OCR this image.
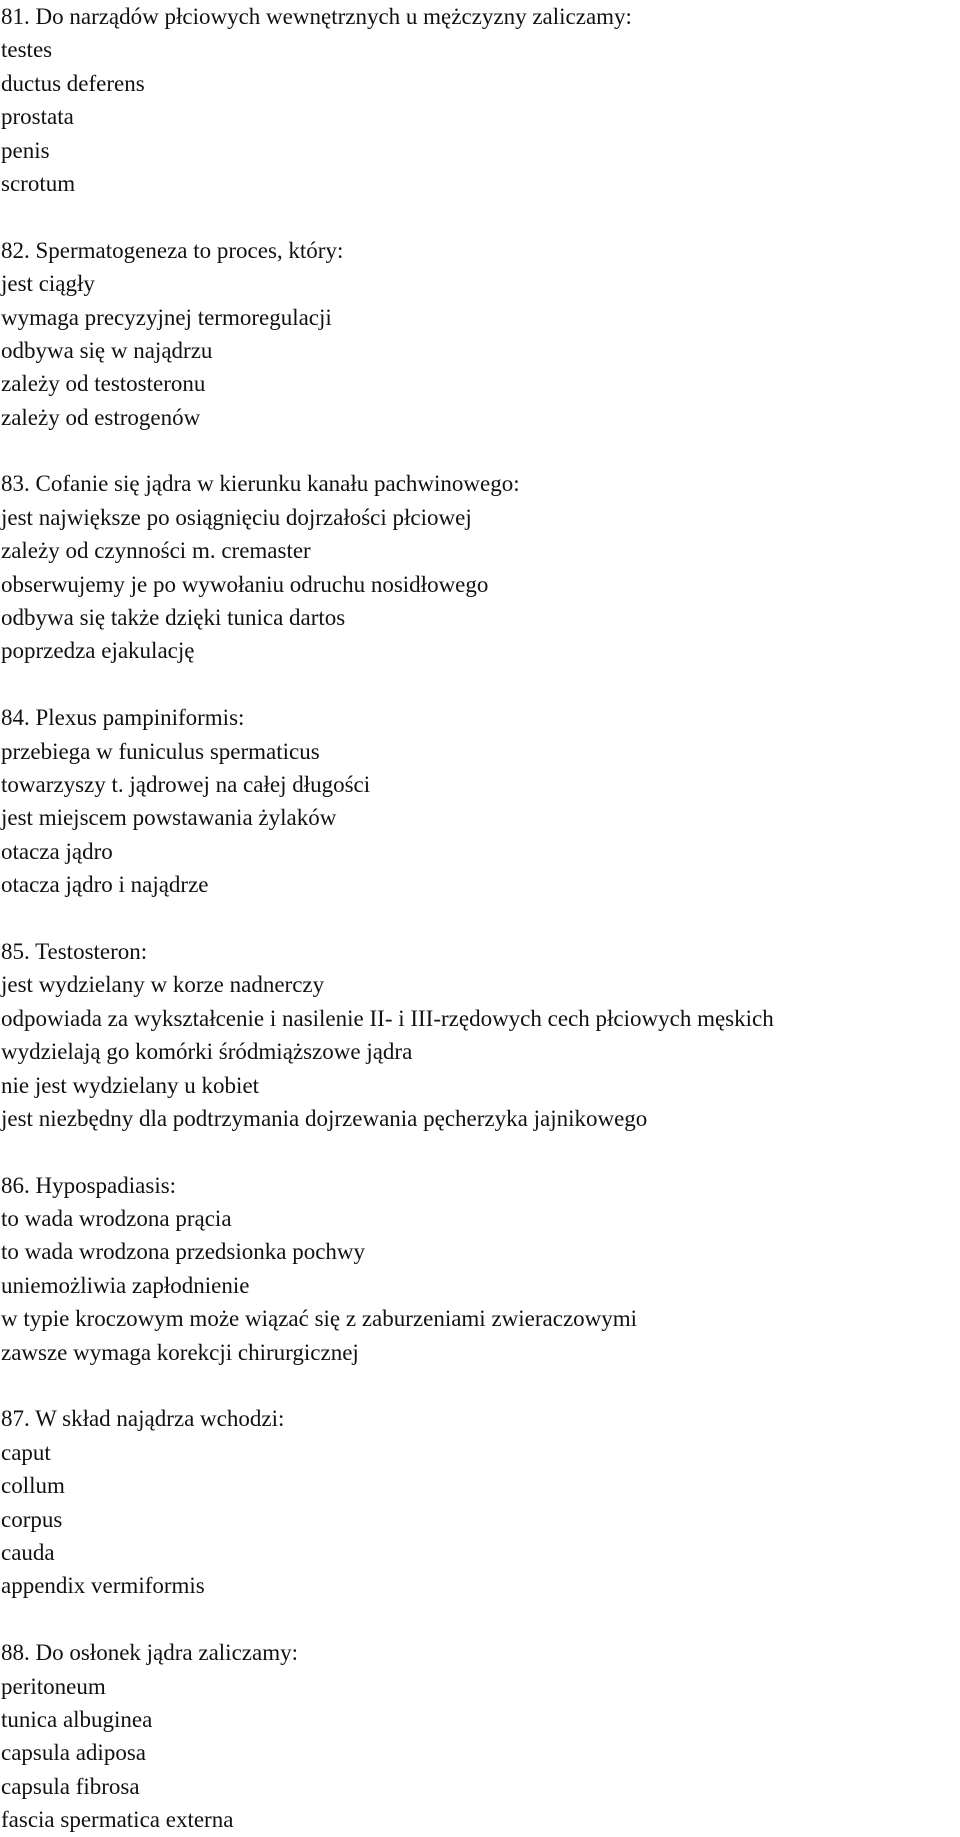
81. Do narządów płciowych wewnętrznych u mężczyzny zaliczamy:

testes
ductus deferens
prostata
penis
scrotum

82. Spermatogeneza to proces, który:

jest ciągły
wymaga precyzyjnej termoregulacji
odbywa się w najądrzu
zależy od testosteronu
zależy od estrogenów

83. Cofanie się jądra w kierunku kanału pachwinowego:

jest największe po osiągnięciu dojrzałości płciowej
zależy od czynności m. cremaster
obserwujemy je po wywołaniu odruchu nosidłowego
odbywa się także dzięki tunica dartos
poprzedza ejakulację

84. Plexus pampiniformis:

przebiega w funiculus spermaticus
towarzyszy t. jądrowej na całej długości
jest miejscem powstawania żylaków
otacza jądro
otacza jądro i najądrze

85. Testosteron:

jest wydzielany w korze nadnerczy
odpowiada za wykształcenie i nasilenie II- i III-rzędowych cech płciowych męskich
wydzielają go komórki śródmiąższowe jądra
nie jest wydzielany u kobiet
jest niezbędny dla podtrzymania dojrzewania pęcherzyka jajnikowego

86. Hypospadiasis:

to wada wrodzona prącia
to wada wrodzona przedsionka pochwy
uniemożliwia zapłodnienie
w typie kroczowym może wiązać się z zaburzeniami zwieraczowymi
zawsze wymaga korekcji chirurgicznej

87. W skład najądrza wchodzi:

caput
collum
corpus
cauda
appendix vermiformis

88. Do osłonek jądra zaliczamy:

peritoneum
tunica albuginea
capsula adiposa
capsula fibrosa
fascia spermatica externa
